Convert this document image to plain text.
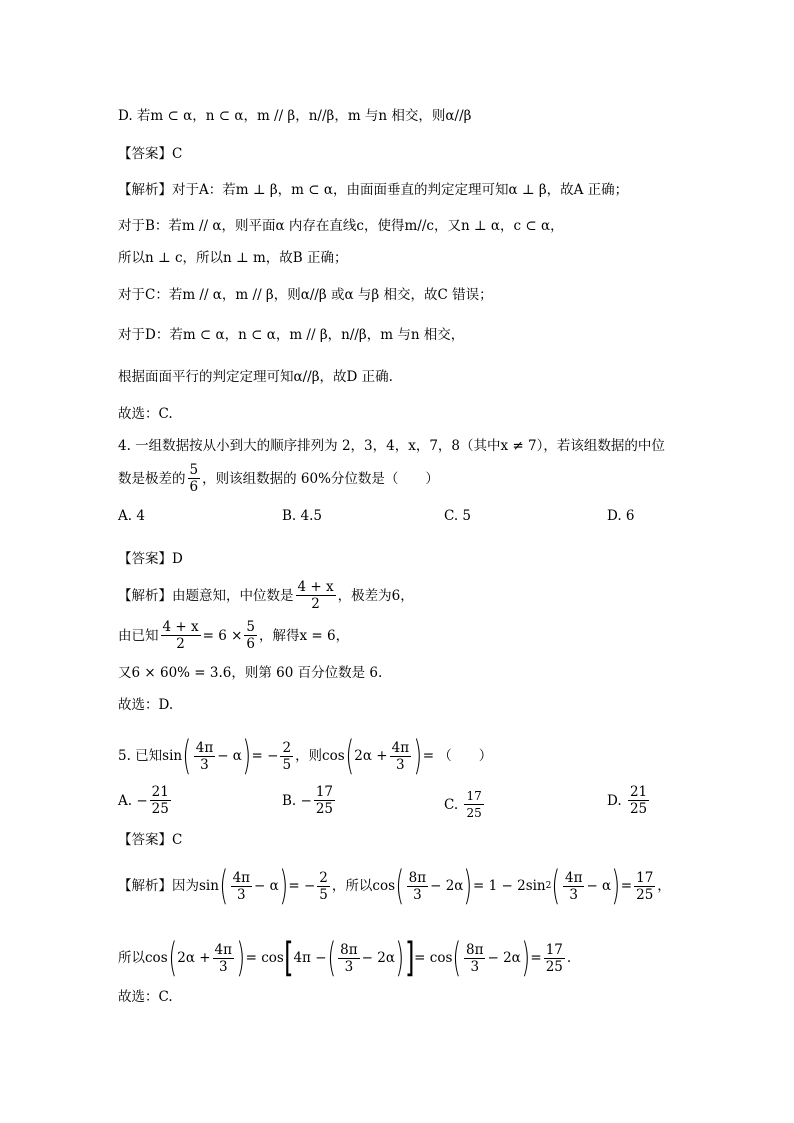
D. 若m ⊂ α，n ⊂ α，m // β，n//β，m 与n 相交，则α//β
【答案】C
【解析】对于A：若m ⊥ β，m ⊂ α，由面面垂直的判定定理可知α ⊥ β，故A 正确；
对于B：若m // α，则平面α 内存在直线c，使得m//c，又n ⊥ α，c ⊂ α，
所以n ⊥ c，所以n ⊥ m，故B 正确；
对于C：若m // α，m // β，则α//β 或α 与β 相交，故C 错误；
对于D：若m ⊂ α，n ⊂ α，m // β，n//β，m 与n 相交，
根据面面平行的判定定理可知α//β，故D 正确.
故选：C.
4. 一组数据按从小到大的顺序排列为 2，3，4，x，7，8（其中x ≠ 7），若该组数据的中位
数是极差的 $\frac{5}{6}$ ，则该组数据的 60%分位数是（　　）
A. 4	B. 4.5	C. 5	D. 6
【答案】D
【解析】由题意知，中位数是 $\frac{4 + x}{2}$ ，极差为6，
由已知 $\frac{4 + x}{2} = 6 \times \frac{5}{6}$ ，解得x = 6，
又6 × 60% = 3.6，则第 60 百分位数是 6.
故选：D.
5. 已知sin ( $\frac{4\pi}{3} - \alpha$ ) = − $\frac{2}{5}$ ，则cos ( $2\alpha + \frac{4\pi}{3}$ ) = （　　）
A.
− $\frac{21}{25}$	B.
− $\frac{17}{25}$	C.
$\frac{17}{25}$	D.
$\frac{21}{25}$
【答案】C
【解析】因为sin ( $\frac{4\pi}{3} - \alpha$ ) = − $\frac{2}{5}$ ，所以cos ( $\frac{8\pi}{3} - 2\alpha$ ) = 1 − 2sin 2 ( $\frac{4\pi}{3} - \alpha$ ) = $\frac{17}{25}$ ，
所以cos ( $2\alpha + \frac{4\pi}{3}$ ) = cos [ 4π − ( $\frac{8\pi}{3} - 2\alpha$ ) ] = cos ( $\frac{8\pi}{3} - 2\alpha$ ) = $\frac{17}{25}$ .
故选：C.
